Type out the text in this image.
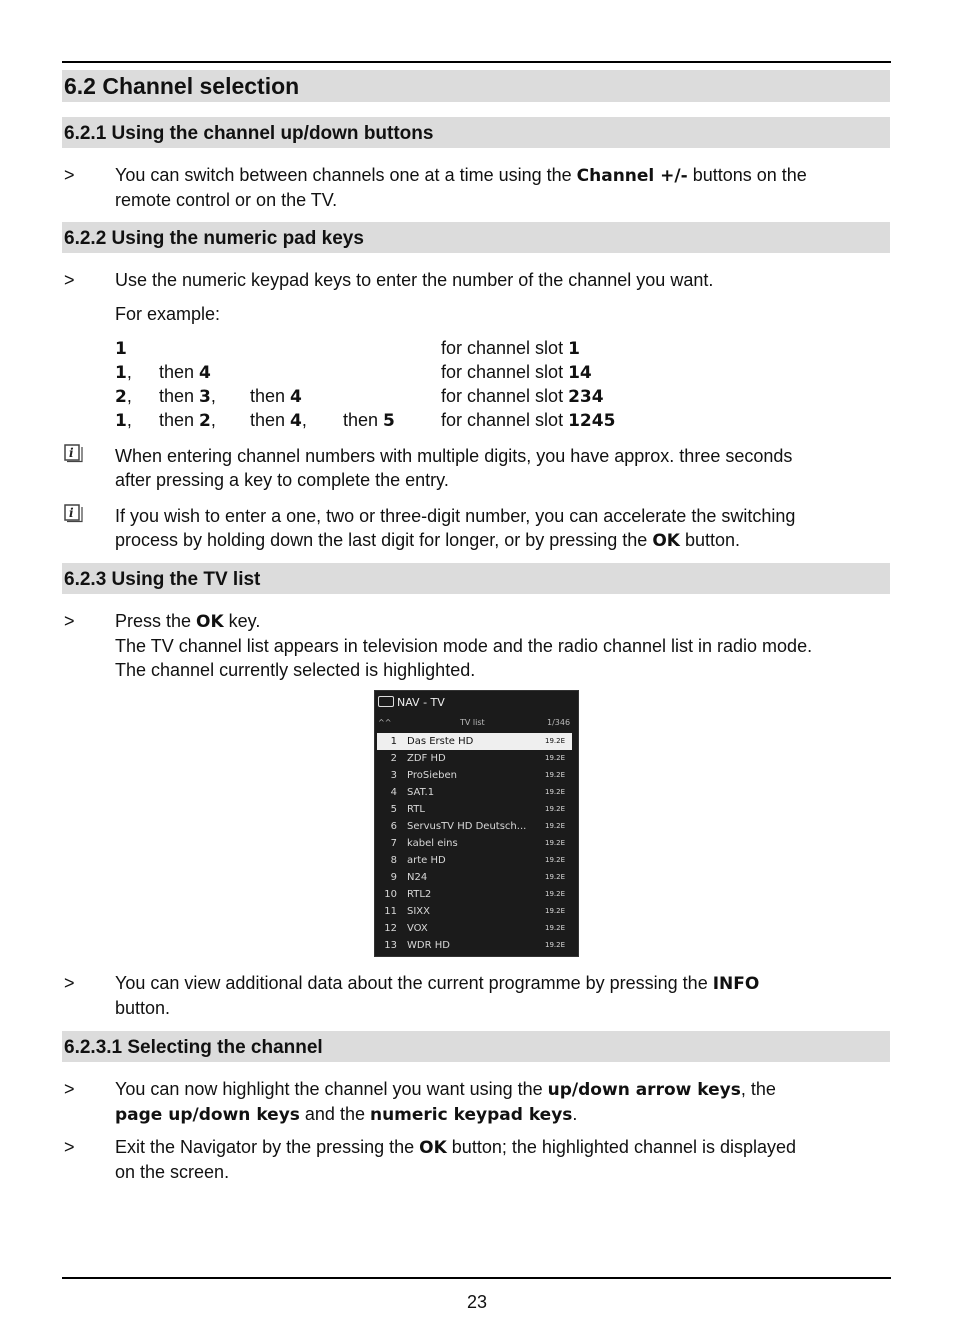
6.2 Channel selection
6.2.1 Using the channel up/down buttons
> You can switch between channels one at a time using the Channel +/- buttons on the
remote control or on the TV.
6.2.2 Using the numeric pad keys
> Use the numeric keypad keys to enter the number of the channel you want.
For example:
1	for channel slot 1
1, then 4	for channel slot 14
2, then 3, then 4	for channel slot 234
1, then 2, then 4, then 5	for channel slot 1245
i When entering channel numbers with multiple digits, you have approx. three seconds
after pressing a key to complete the entry.
i If you wish to enter a one, two or three-digit number, you can accelerate the switching
process by holding down the last digit for longer, or by pressing the OK button.
6.2.3 Using the TV list
> Press the OK key.
The TV channel list appears in television mode and the radio channel list in radio mode.
The channel currently selected is highlighted.
NAV - TV
^^	TV list	1/346
1 Das Erste HD	19.2E
2 ZDF HD	19.2E
3 ProSieben	19.2E
4 SAT.1	19.2E
5 RTL	19.2E
6 ServusTV HD Deutsch...	19.2E
7 kabel eins	19.2E
8 arte HD	19.2E
9 N24	19.2E
10 RTL2	19.2E
11 SIXX	19.2E
12 VOX	19.2E
13 WDR HD	19.2E
> You can view additional data about the current programme by pressing the INFO
button.
6.2.3.1 Selecting the channel
> You can now highlight the channel you want using the up/down arrow keys, the
page up/down keys and the numeric keypad keys.
> Exit the Navigator by the pressing the OK button; the highlighted channel is displayed
on the screen.
23
